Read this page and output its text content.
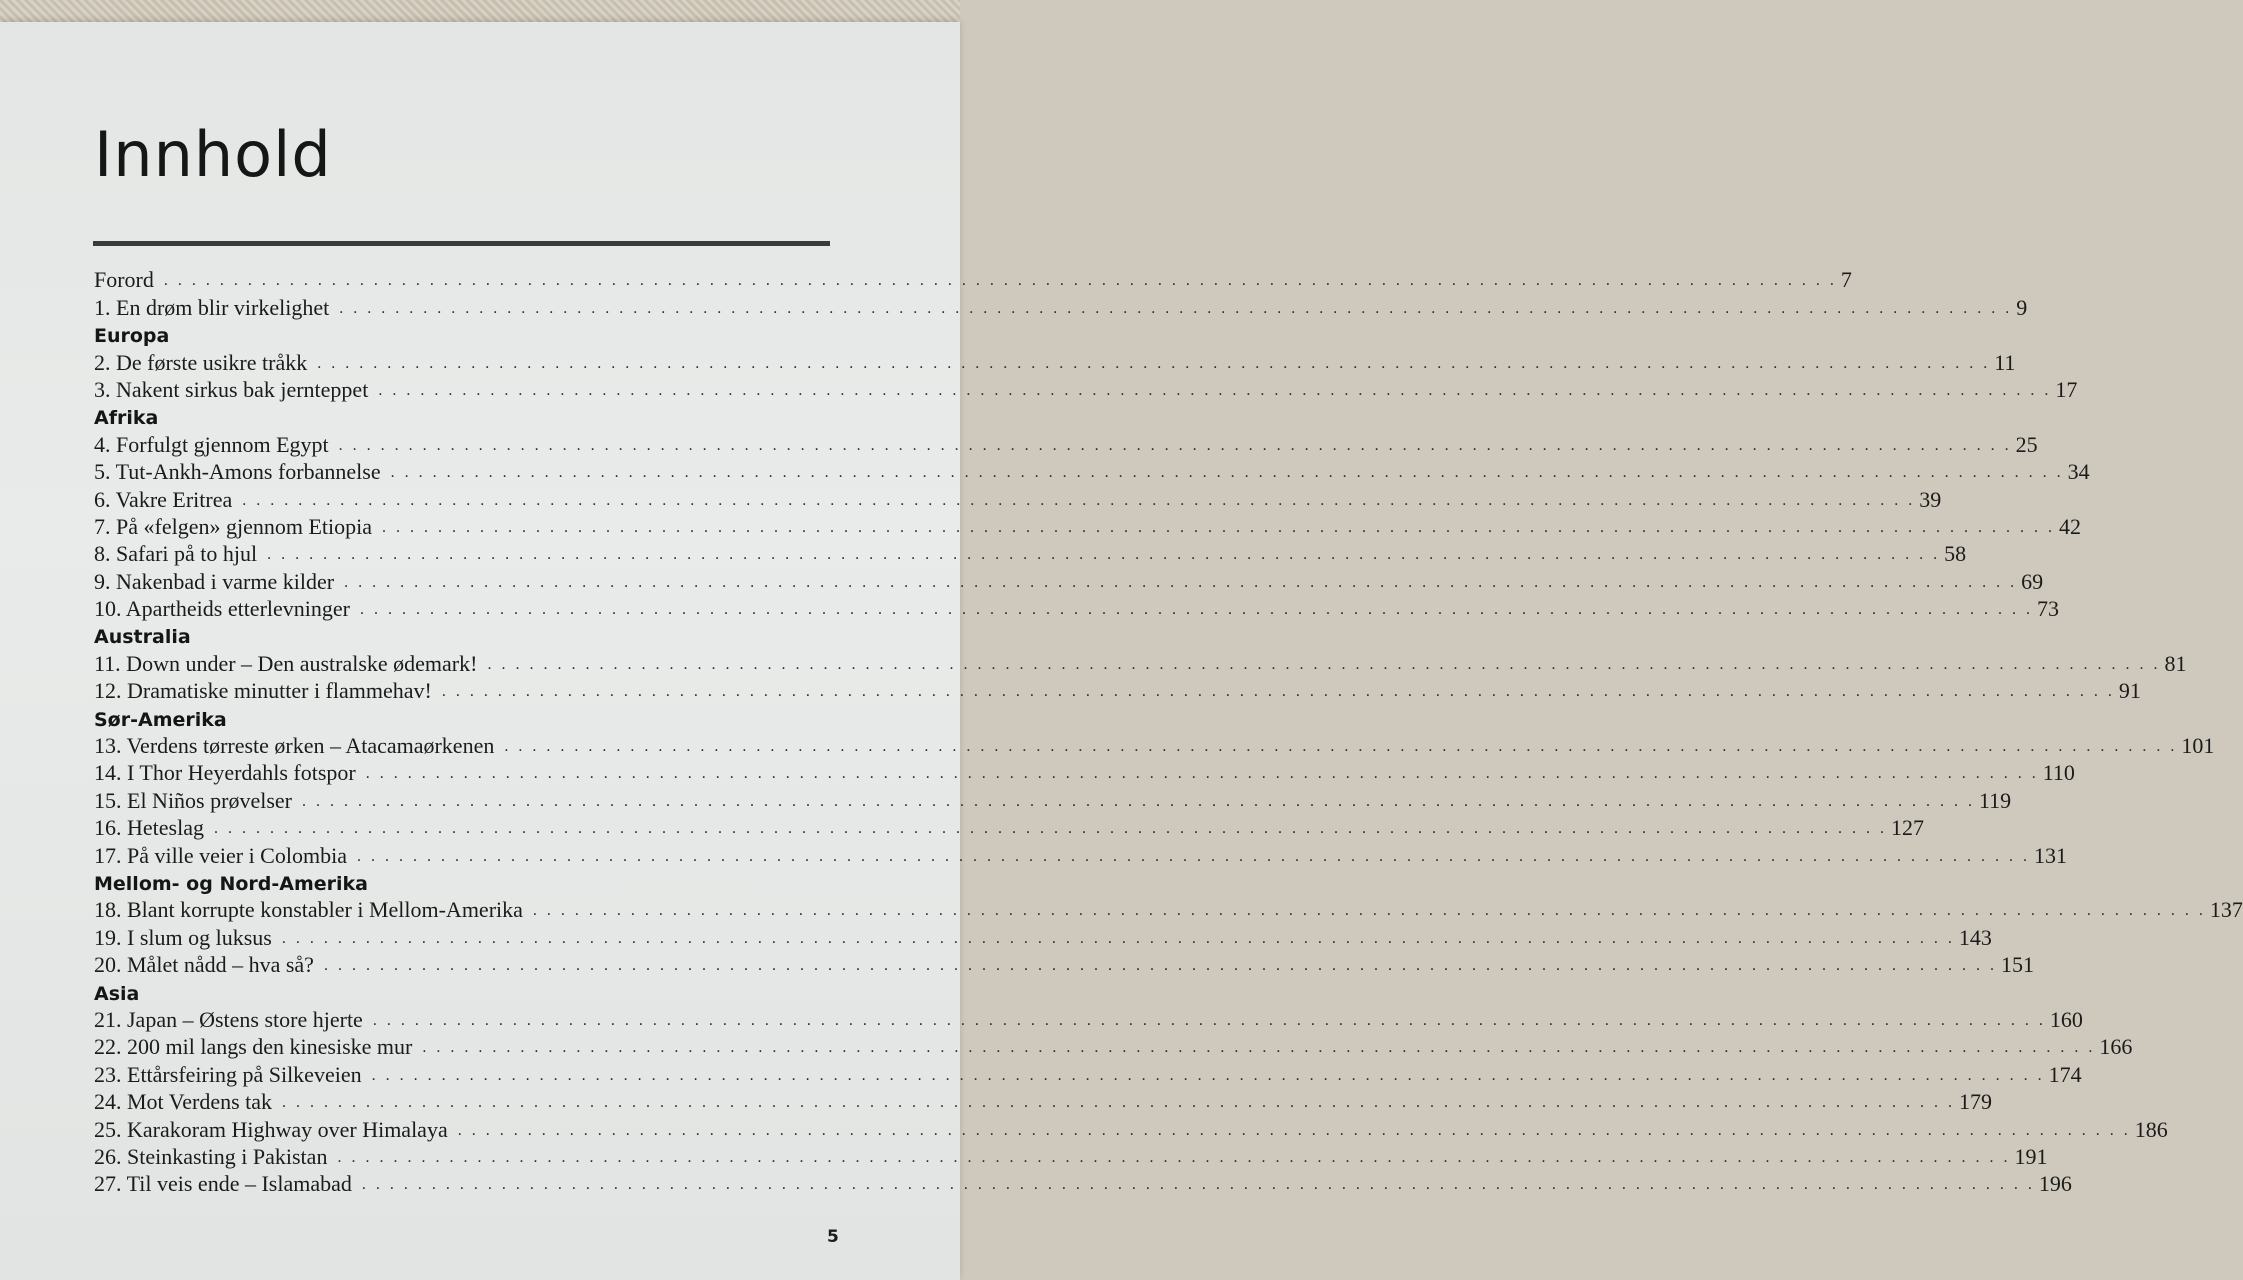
Innhold
Forord . . . . . . . . . . . . . . . . . . . . . . . . . . . . . . . . . . . . . . . . . . . . . . . . . . . . . . . . . . . . . . . . . . . . . . . . . . . . . . . . . . . . . . . . . . . . . . . . . . . . . . . . . . . . . . . . . . . . . . . . 7
1. En drøm blir virkelighet . . . . . . . . . . . . . . . . . . . . . . . . . . . . . . . . . . . . . . . . . . . . . . . . . . . . . . . . . . . . . . . . . . . . . . . . . . . . . . . . . . . . . . . . . . . . . . . . . . . . . . . . . . . . . . . . . . . . . . . . 9
Europa
2. De første usikre tråkk . . . . . . . . . . . . . . . . . . . . . . . . . . . . . . . . . . . . . . . . . . . . . . . . . . . . . . . . . . . . . . . . . . . . . . . . . . . . . . . . . . . . . . . . . . . . . . . . . . . . . . . . . . . . . . . . . . . . . . . . 11
3. Nakent sirkus bak jernteppet . . . . . . . . . . . . . . . . . . . . . . . . . . . . . . . . . . . . . . . . . . . . . . . . . . . . . . . . . . . . . . . . . . . . . . . . . . . . . . . . . . . . . . . . . . . . . . . . . . . . . . . . . . . . . . . . . . . . . . . . 17
Afrika
4. Forfulgt gjennom Egypt . . . . . . . . . . . . . . . . . . . . . . . . . . . . . . . . . . . . . . . . . . . . . . . . . . . . . . . . . . . . . . . . . . . . . . . . . . . . . . . . . . . . . . . . . . . . . . . . . . . . . . . . . . . . . . . . . . . . . . . . 25
5. Tut-Ankh-Amons forbannelse . . . . . . . . . . . . . . . . . . . . . . . . . . . . . . . . . . . . . . . . . . . . . . . . . . . . . . . . . . . . . . . . . . . . . . . . . . . . . . . . . . . . . . . . . . . . . . . . . . . . . . . . . . . . . . . . . . . . . . . . 34
6. Vakre Eritrea . . . . . . . . . . . . . . . . . . . . . . . . . . . . . . . . . . . . . . . . . . . . . . . . . . . . . . . . . . . . . . . . . . . . . . . . . . . . . . . . . . . . . . . . . . . . . . . . . . . . . . . . . . . . . . . . . . . . . . . . 39
7. På «felgen» gjennom Etiopia . . . . . . . . . . . . . . . . . . . . . . . . . . . . . . . . . . . . . . . . . . . . . . . . . . . . . . . . . . . . . . . . . . . . . . . . . . . . . . . . . . . . . . . . . . . . . . . . . . . . . . . . . . . . . . . . . . . . . . . . 42
8. Safari på to hjul . . . . . . . . . . . . . . . . . . . . . . . . . . . . . . . . . . . . . . . . . . . . . . . . . . . . . . . . . . . . . . . . . . . . . . . . . . . . . . . . . . . . . . . . . . . . . . . . . . . . . . . . . . . . . . . . . . . . . . . . 58
9. Nakenbad i varme kilder . . . . . . . . . . . . . . . . . . . . . . . . . . . . . . . . . . . . . . . . . . . . . . . . . . . . . . . . . . . . . . . . . . . . . . . . . . . . . . . . . . . . . . . . . . . . . . . . . . . . . . . . . . . . . . . . . . . . . . . . 69
10. Apartheids etterlevninger . . . . . . . . . . . . . . . . . . . . . . . . . . . . . . . . . . . . . . . . . . . . . . . . . . . . . . . . . . . . . . . . . . . . . . . . . . . . . . . . . . . . . . . . . . . . . . . . . . . . . . . . . . . . . . . . . . . . . . . . 73
Australia
11. Down under – Den australske ødemark! . . . . . . . . . . . . . . . . . . . . . . . . . . . . . . . . . . . . . . . . . . . . . . . . . . . . . . . . . . . . . . . . . . . . . . . . . . . . . . . . . . . . . . . . . . . . . . . . . . . . . . . . . . . . . . . . . . . . . . . . 81
12. Dramatiske minutter i flammehav! . . . . . . . . . . . . . . . . . . . . . . . . . . . . . . . . . . . . . . . . . . . . . . . . . . . . . . . . . . . . . . . . . . . . . . . . . . . . . . . . . . . . . . . . . . . . . . . . . . . . . . . . . . . . . . . . . . . . . . . . 91
Sør-Amerika
13. Verdens tørreste ørken – Atacamaørkenen . . . . . . . . . . . . . . . . . . . . . . . . . . . . . . . . . . . . . . . . . . . . . . . . . . . . . . . . . . . . . . . . . . . . . . . . . . . . . . . . . . . . . . . . . . . . . . . . . . . . . . . . . . . . . . . . . . . . . . . . 101
14. I Thor Heyerdahls fotspor . . . . . . . . . . . . . . . . . . . . . . . . . . . . . . . . . . . . . . . . . . . . . . . . . . . . . . . . . . . . . . . . . . . . . . . . . . . . . . . . . . . . . . . . . . . . . . . . . . . . . . . . . . . . . . . . . . . . . . . . 110
15. El Niños prøvelser . . . . . . . . . . . . . . . . . . . . . . . . . . . . . . . . . . . . . . . . . . . . . . . . . . . . . . . . . . . . . . . . . . . . . . . . . . . . . . . . . . . . . . . . . . . . . . . . . . . . . . . . . . . . . . . . . . . . . . . . 119
16. Heteslag . . . . . . . . . . . . . . . . . . . . . . . . . . . . . . . . . . . . . . . . . . . . . . . . . . . . . . . . . . . . . . . . . . . . . . . . . . . . . . . . . . . . . . . . . . . . . . . . . . . . . . . . . . . . . . . . . . . . . . . . 127
17. På ville veier i Colombia . . . . . . . . . . . . . . . . . . . . . . . . . . . . . . . . . . . . . . . . . . . . . . . . . . . . . . . . . . . . . . . . . . . . . . . . . . . . . . . . . . . . . . . . . . . . . . . . . . . . . . . . . . . . . . . . . . . . . . . . 131
Mellom- og Nord-Amerika
18. Blant korrupte konstabler i Mellom-Amerika . . . . . . . . . . . . . . . . . . . . . . . . . . . . . . . . . . . . . . . . . . . . . . . . . . . . . . . . . . . . . . . . . . . . . . . . . . . . . . . . . . . . . . . . . . . . . . . . . . . . . . . . . . . . . . . . . . . . . . . . 137
19. I slum og luksus . . . . . . . . . . . . . . . . . . . . . . . . . . . . . . . . . . . . . . . . . . . . . . . . . . . . . . . . . . . . . . . . . . . . . . . . . . . . . . . . . . . . . . . . . . . . . . . . . . . . . . . . . . . . . . . . . . . . . . . . 143
20. Målet nådd – hva så? . . . . . . . . . . . . . . . . . . . . . . . . . . . . . . . . . . . . . . . . . . . . . . . . . . . . . . . . . . . . . . . . . . . . . . . . . . . . . . . . . . . . . . . . . . . . . . . . . . . . . . . . . . . . . . . . . . . . . . . . 151
Asia
21. Japan – Østens store hjerte . . . . . . . . . . . . . . . . . . . . . . . . . . . . . . . . . . . . . . . . . . . . . . . . . . . . . . . . . . . . . . . . . . . . . . . . . . . . . . . . . . . . . . . . . . . . . . . . . . . . . . . . . . . . . . . . . . . . . . . . 160
22. 200 mil langs den kinesiske mur . . . . . . . . . . . . . . . . . . . . . . . . . . . . . . . . . . . . . . . . . . . . . . . . . . . . . . . . . . . . . . . . . . . . . . . . . . . . . . . . . . . . . . . . . . . . . . . . . . . . . . . . . . . . . . . . . . . . . . . . 166
23. Ettårsfeiring på Silkeveien . . . . . . . . . . . . . . . . . . . . . . . . . . . . . . . . . . . . . . . . . . . . . . . . . . . . . . . . . . . . . . . . . . . . . . . . . . . . . . . . . . . . . . . . . . . . . . . . . . . . . . . . . . . . . . . . . . . . . . . . 174
24. Mot Verdens tak . . . . . . . . . . . . . . . . . . . . . . . . . . . . . . . . . . . . . . . . . . . . . . . . . . . . . . . . . . . . . . . . . . . . . . . . . . . . . . . . . . . . . . . . . . . . . . . . . . . . . . . . . . . . . . . . . . . . . . . . 179
25. Karakoram Highway over Himalaya . . . . . . . . . . . . . . . . . . . . . . . . . . . . . . . . . . . . . . . . . . . . . . . . . . . . . . . . . . . . . . . . . . . . . . . . . . . . . . . . . . . . . . . . . . . . . . . . . . . . . . . . . . . . . . . . . . . . . . . . 186
26. Steinkasting i Pakistan . . . . . . . . . . . . . . . . . . . . . . . . . . . . . . . . . . . . . . . . . . . . . . . . . . . . . . . . . . . . . . . . . . . . . . . . . . . . . . . . . . . . . . . . . . . . . . . . . . . . . . . . . . . . . . . . . . . . . . . . 191
27. Til veis ende – Islamabad . . . . . . . . . . . . . . . . . . . . . . . . . . . . . . . . . . . . . . . . . . . . . . . . . . . . . . . . . . . . . . . . . . . . . . . . . . . . . . . . . . . . . . . . . . . . . . . . . . . . . . . . . . . . . . . . . . . . . . . . 196
5
